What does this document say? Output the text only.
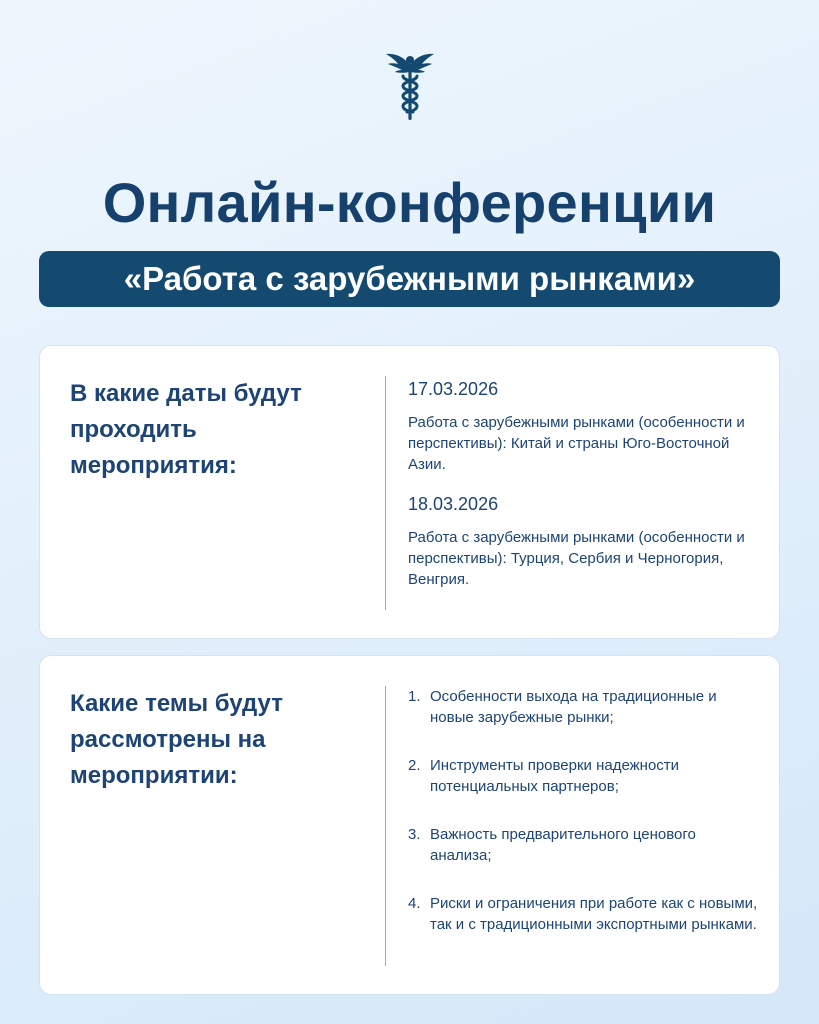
Онлайн-конференции
«Работа с зарубежными рынками»
В какие даты будут проходить мероприятия:
17.03.2026
Работа с зарубежными рынками (особенности и перспективы): Китай и страны Юго-Восточной Азии.
18.03.2026
Работа с зарубежными рынками (особенности и перспективы): Турция, Сербия и Черногория, Венгрия.
Какие темы будут рассмотрены на мероприятии:
1. Особенности выхода на традиционные и новые зарубежные рынки;
2. Инструменты проверки надежности потенциальных партнеров;
3. Важность предварительного ценового анализа;
4. Риски и ограничения при работе как с новыми, так и с традиционными экспортными рынками.
